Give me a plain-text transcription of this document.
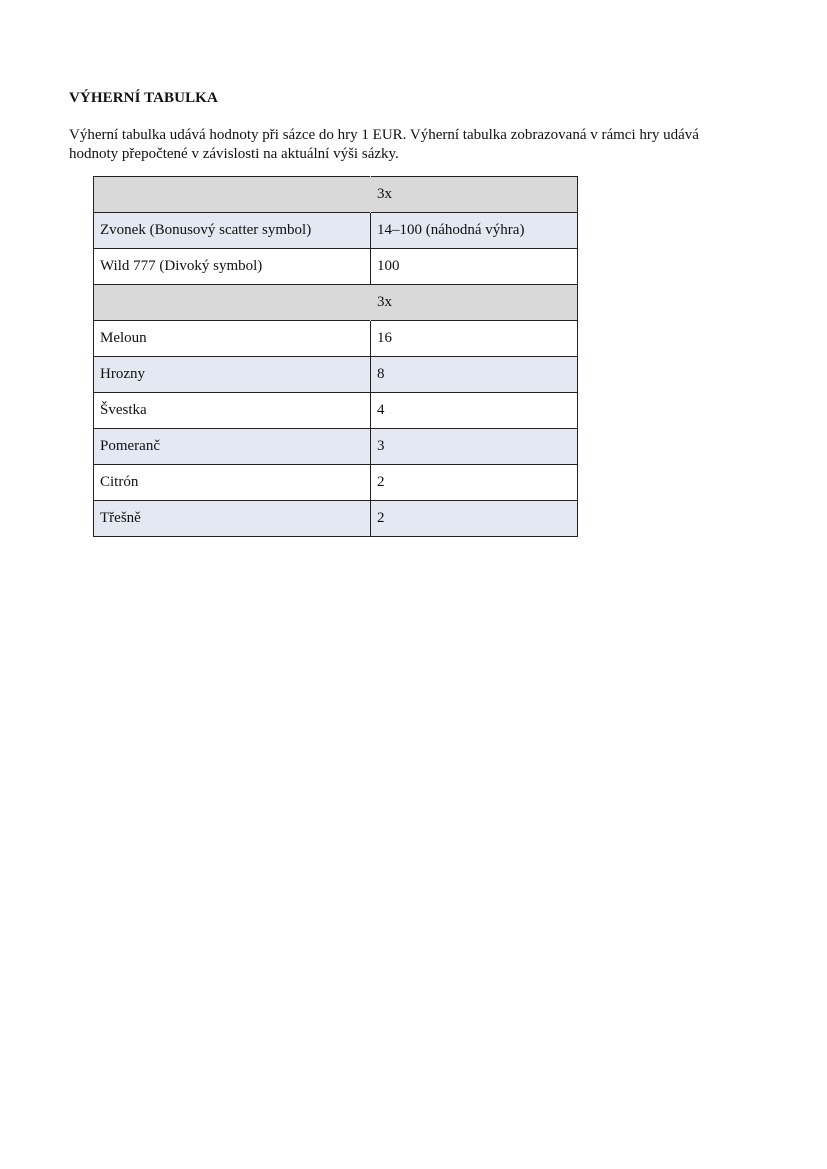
VÝHERNÍ TABULKA

Výherní tabulka udává hodnoty při sázce do hry 1 EUR. Výherní tabulka zobrazovaná v rámci hry udává hodnoty přepočtené v závislosti na aktuální výši sázky.

	3x
Zvonek (Bonusový scatter symbol)	14–100 (náhodná výhra)
Wild 777 (Divoký symbol)	100
	3x
Meloun	16
Hrozny	8
Švestka	4
Pomeranč	3
Citrón	2
Třešně	2
